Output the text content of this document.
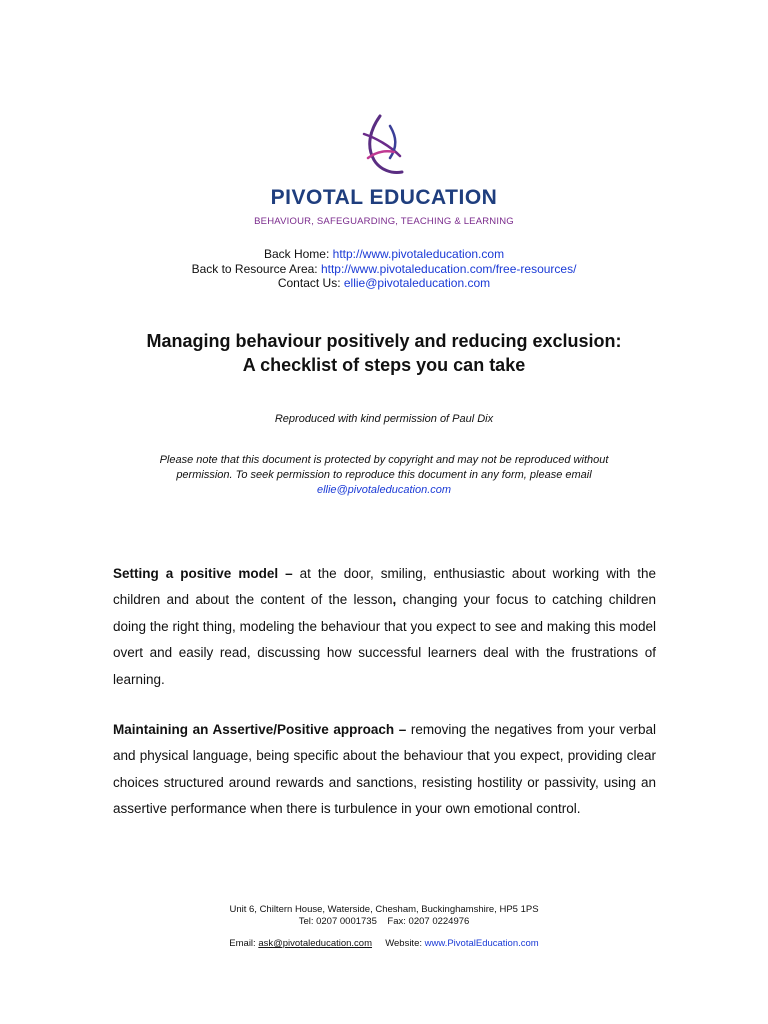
PIVOTAL EDUCATION
BEHAVIOUR, SAFEGUARDING, TEACHING & LEARNING
Back Home: http://www.pivotaleducation.com
Back to Resource Area: http://www.pivotaleducation.com/free-resources/
Contact Us: ellie@pivotaleducation.com
Managing behaviour positively and reducing exclusion:
A checklist of steps you can take
Reproduced with kind permission of Paul Dix
Please note that this document is protected by copyright and may not be reproduced without
permission. To seek permission to reproduce this document in any form, please email
ellie@pivotaleducation.com
Setting a positive model – at the door, smiling, enthusiastic about working with the children and about the content of the lesson, changing your focus to catching children doing the right thing, modeling the behaviour that you expect to see and making this model overt and easily read, discussing how successful learners deal with the frustrations of learning.
Maintaining an Assertive/Positive approach – removing the negatives from your verbal and physical language, being specific about the behaviour that you expect, providing clear choices structured around rewards and sanctions, resisting hostility or passivity, using an assertive performance when there is turbulence in your own emotional control.
Unit 6, Chiltern House, Waterside, Chesham, Buckinghamshire, HP5 1PS
Tel: 0207 0001735    Fax: 0207 0224976
Email: ask@pivotaleducation.com     Website: www.PivotalEducation.com
